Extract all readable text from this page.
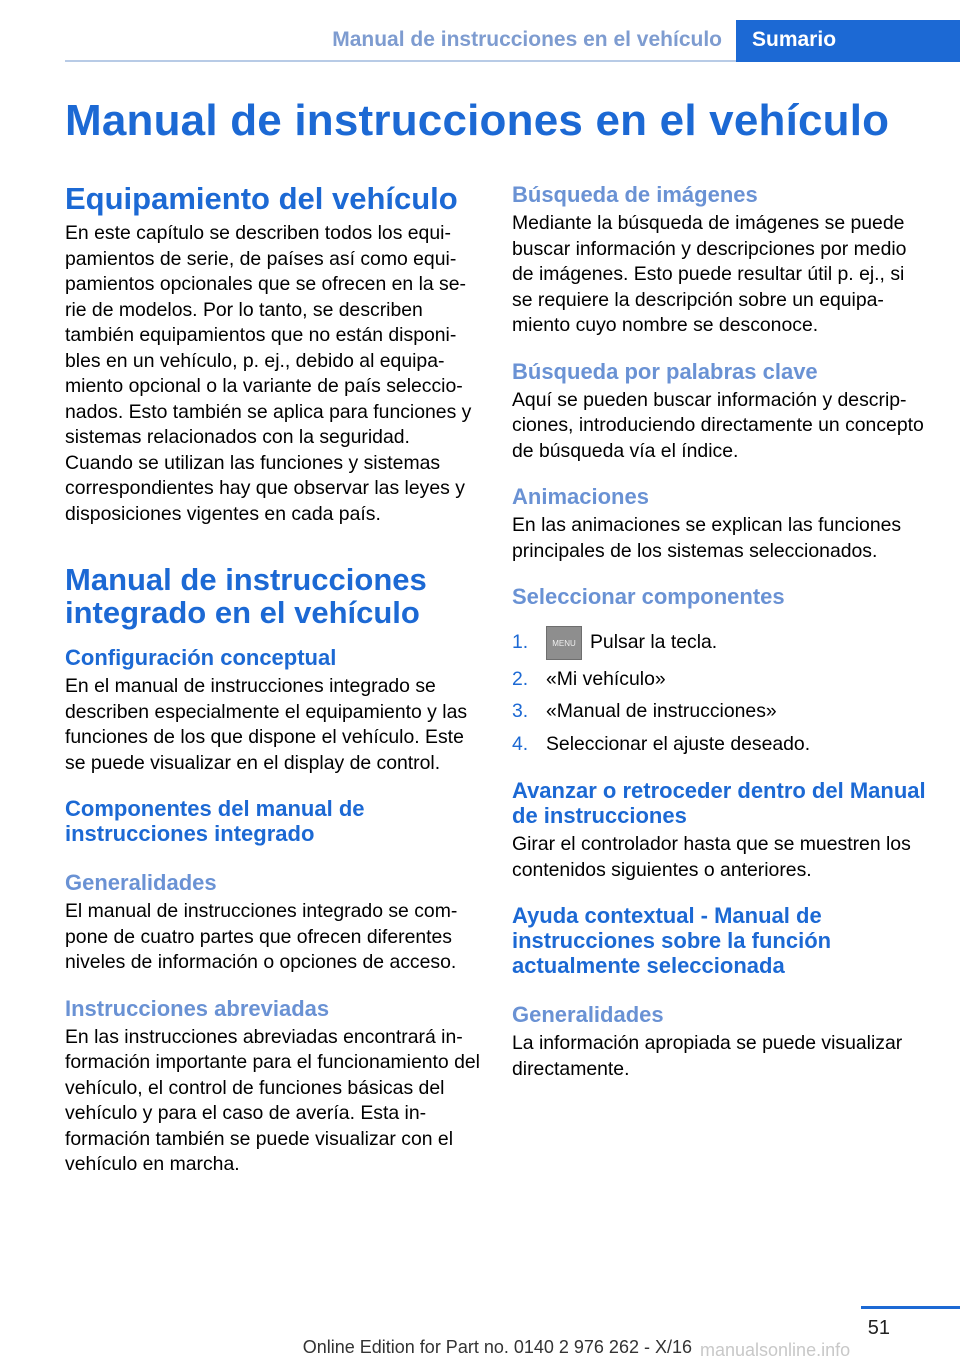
Manual de instrucciones en el vehículo	Sumario
Manual de instrucciones en el vehículo
Equipamiento del vehículo

En este capítulo se describen todos los equipamientos de serie, de países así como equipamientos opcionales que se ofrecen en la serie de modelos. Por lo tanto, se describen también equipamientos que no están disponibles en un vehículo, p. ej., debido al equipamiento opcional o la variante de país seleccionados. Esto también se aplica para funciones y sistemas relacionados con la seguridad.

Cuando se utilizan las funciones y sistemas correspondientes hay que observar las leyes y disposiciones vigentes en cada país.

Manual de instrucciones integrado en el vehículo
Configuración conceptual

En el manual de instrucciones integrado se describen especialmente el equipamiento y las funciones de los que dispone el vehículo. Este se puede visualizar en el display de control.

Componentes del manual de instrucciones integrado
Generalidades

El manual de instrucciones integrado se compone de cuatro partes que ofrecen diferentes niveles de información o opciones de acceso.

Instrucciones abreviadas

En las instrucciones abreviadas encontrará información importante para el funcionamiento del vehículo, el control de funciones básicas del vehículo y para el caso de avería. Esta información también se puede visualizar con el vehículo en marcha.

Búsqueda de imágenes

Mediante la búsqueda de imágenes se puede buscar información y descripciones por medio de imágenes. Esto puede resultar útil p. ej., si se requiere la descripción sobre un equipamiento cuyo nombre se desconoce.

Búsqueda por palabras clave

Aquí se pueden buscar información y descripciones, introduciendo directamente un concepto de búsqueda vía el índice.

Animaciones

En las animaciones se explican las funciones principales de los sistemas seleccionados.

Seleccionar componentes
1.	MENU Pulsar la tecla.
2. «Mi vehículo»
3. «Manual de instrucciones»
4. Seleccionar el ajuste deseado.
Avanzar o retroceder dentro del Manual de instrucciones

Girar el controlador hasta que se muestren los contenidos siguientes o anteriores.

Ayuda contextual - Manual de instrucciones sobre la función actualmente seleccionada
Generalidades

La información apropiada se puede visualizar directamente.

51
manualsonline.info
Online Edition for Part no. 0140 2 976 262 - X/16
